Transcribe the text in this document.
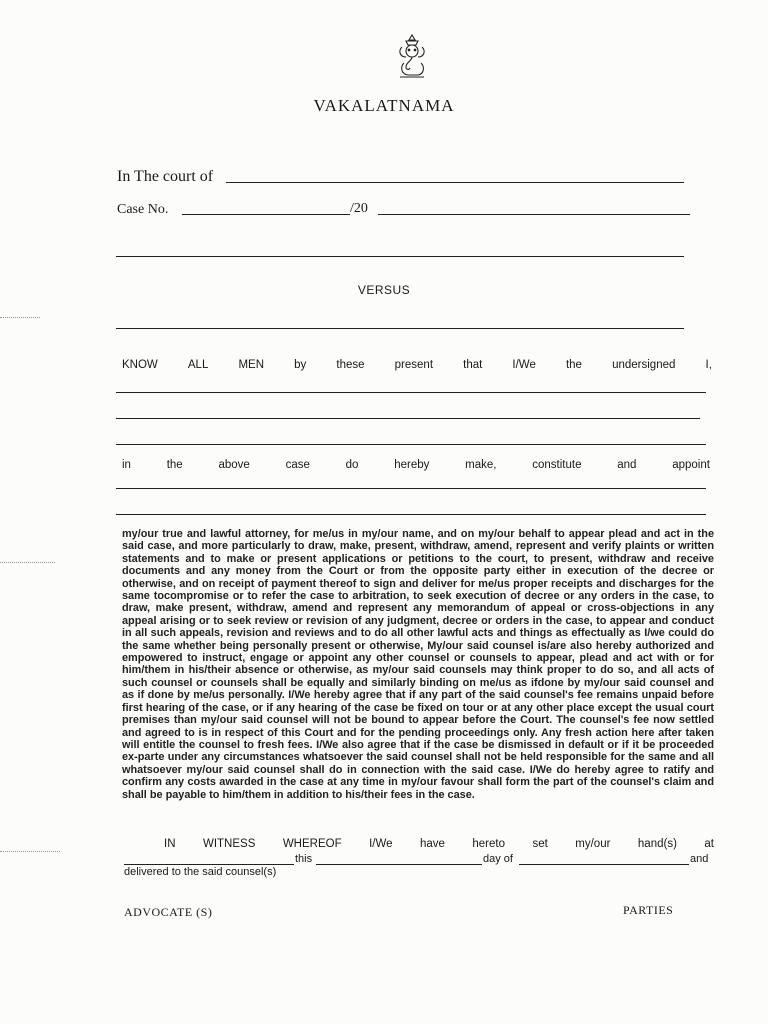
VAKALATNAMA
In The court of
Case No.	/20
VERSUS
KNOW	ALL	MEN	by	these	present	that	I/We	the	undersigned	I,
in	the	above	case	do	hereby	make,	constitute	and	appoint
my/our true and lawful attorney, for me/us in my/our name, and on my/our behalf to appear plead and act in the said case, and more particularly to draw, make, present, withdraw, amend, represent and verify plaints or written statements and to make or present applications or petitions to the court, to present, withdraw and receive documents and any money from the Court or from the opposite party either in execution of the decree or otherwise, and on receipt of payment thereof to sign and deliver for me/us proper receipts and discharges for the same tocompromise or to refer the case to arbitration, to seek execution of decree or any orders in the case, to draw, make present, withdraw, amend and represent any memorandum of appeal or cross-objections in any appeal arising or to seek review or revision of any judgment, decree or orders in the case, to appear and conduct in all such appeals, revision and reviews and to do all other lawful acts and things as effectually as I/we could do the same whether being personally present or otherwise, My/our said counsel is/are also hereby authorized and empowered to instruct, engage or appoint any other counsel or counsels to appear, plead and act with or for him/them in his/their absence or otherwise, as my/our said counsels may think proper to do so, and all acts of such counsel or counsels shall be equally and similarly binding on me/us as ifdone by my/our said counsel and as if done by me/us personally. I/We hereby agree that if any part of the said counsel's fee remains unpaid before first hearing of the case, or if any hearing of the case be fixed on tour or at any other place except the usual court premises than my/our said counsel will not be bound to appear before the Court. The counsel's fee now settled and agreed to is in respect of this Court and for the pending proceedings only. Any fresh action here after taken will entitle the counsel to fresh fees. I/We also agree that if the case be dismissed in default or if it be proceeded ex-parte under any circumstances whatsoever the said counsel shall not be held responsible for the same and all whatsoever my/our said counsel shall do in connection with the said case. I/We do hereby agree to ratify and confirm any costs awarded in the case at any time in my/our favour shall form the part of the counsel's claim and shall be payable to him/them in addition to his/their fees in the case.
IN WITNESS WHEREOF I/We have hereto set my/our hand(s) at
this	day of	and
delivered to the said counsel(s)
ADVOCATE (S)	PARTIES
